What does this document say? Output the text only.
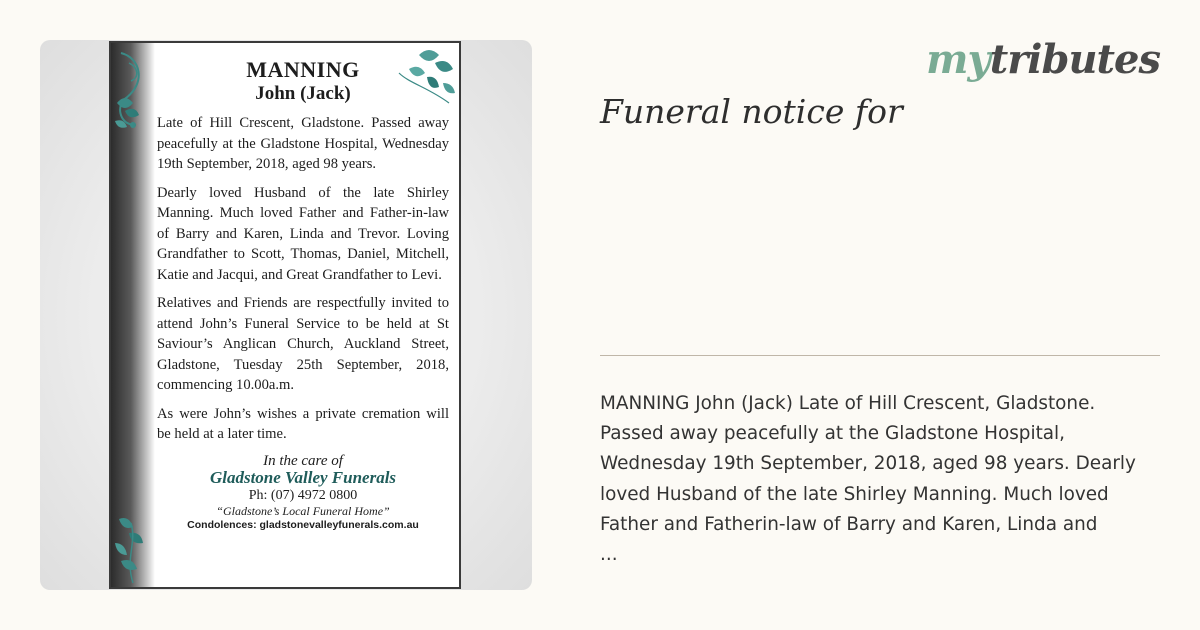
MANNING
John (Jack)

Late of Hill Crescent, Gladstone. Passed away peacefully at the Gladstone Hospital, Wednesday 19th September, 2018, aged 98 years.

Dearly loved Husband of the late Shirley Manning. Much loved Father and Father-in-law of Barry and Karen, Linda and Trevor. Loving Grandfather to Scott, Thomas, Daniel, Mitchell, Katie and Jacqui, and Great Grandfather to Levi.

Relatives and Friends are respectfully invited to attend John’s Funeral Service to be held at St Saviour’s Anglican Church, Auckland Street, Gladstone, Tuesday 25th September, 2018, commencing 10.00a.m.

As were John’s wishes a private cremation will be held at a later time.

In the care of
Gladstone Valley Funerals
Ph: (07) 4972 0800
“Gladstone’s Local Funeral Home”
Condolences: gladstonevalleyfunerals.com.au
mytributes
Funeral notice for
MANNING John (Jack) Late of Hill Crescent, Gladstone.
Passed away peacefully at the Gladstone Hospital,
Wednesday 19th September, 2018, aged 98 years. Dearly
loved Husband of the late Shirley Manning. Much loved
Father and Fatherin-law of Barry and Karen, Linda and
...
